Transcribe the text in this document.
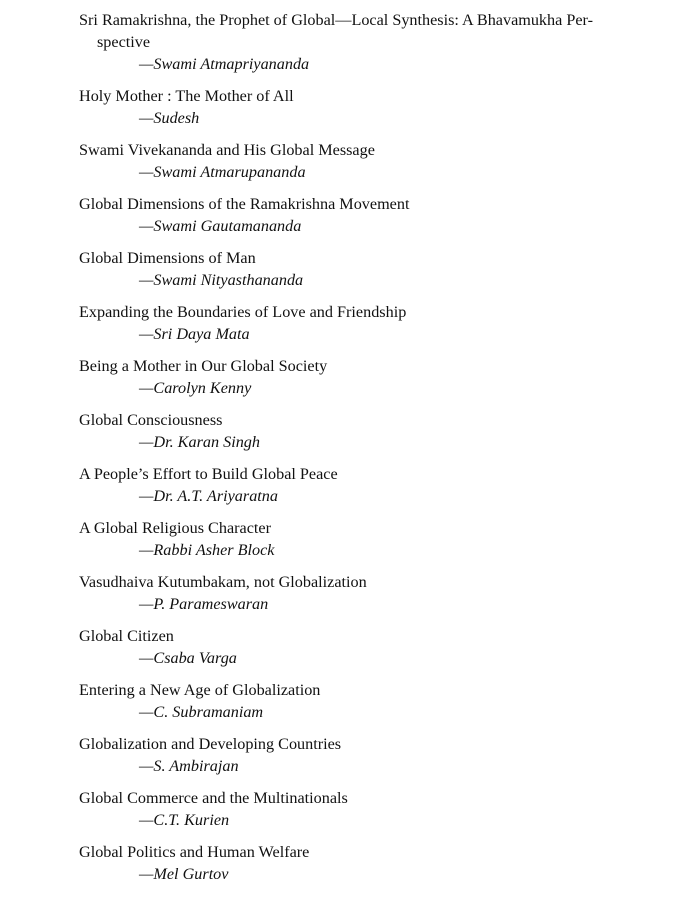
Sri Ramakrishna, the Prophet of Global—Local Synthesis: A Bhavamukha Per-spective
—Swami Atmapriyananda
Holy Mother : The Mother of All
—Sudesh
Swami Vivekananda and His Global Message
—Swami Atmarupananda
Global Dimensions of the Ramakrishna Movement
—Swami Gautamananda
Global Dimensions of Man
—Swami Nityasthananda
Expanding the Boundaries of Love and Friendship
—Sri Daya Mata
Being a Mother in Our Global Society
—Carolyn Kenny
Global Consciousness
—Dr. Karan Singh
A People’s Effort to Build Global Peace
—Dr. A.T. Ariyaratna
A Global Religious Character
—Rabbi Asher Block
Vasudhaiva Kutumbakam, not Globalization
—P. Parameswaran
Global Citizen
—Csaba Varga
Entering a New Age of Globalization
—C. Subramaniam
Globalization and Developing Countries
—S. Ambirajan
Global Commerce and the Multinationals
—C.T. Kurien
Global Politics and Human Welfare
—Mel Gurtov
